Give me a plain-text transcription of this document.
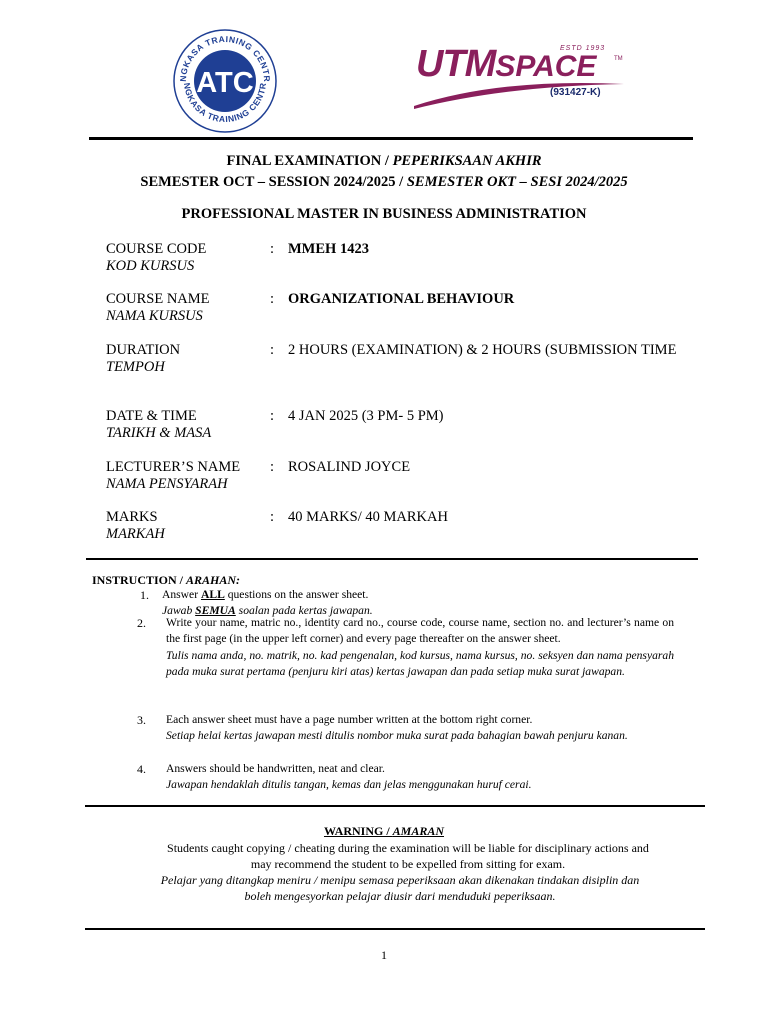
NGKASA TRAINING CENTR
NGKASA TRAINING CENTR
ATC	UTMSPACE
ESTD 1993
TM
(931427-K)
FINAL EXAMINATION / PEPERIKSAAN AKHIR
SEMESTER OCT – SESSION 2024/2025 / SEMESTER OKT – SESI 2024/2025
PROFESSIONAL MASTER IN BUSINESS ADMINISTRATION
COURSE CODE
KOD KURSUS
: MMEH 1423
COURSE NAME
NAMA KURSUS
: ORGANIZATIONAL BEHAVIOUR
DURATION
TEMPOH
: 2 HOURS (EXAMINATION) & 2 HOURS (SUBMISSION TIME
DATE & TIME
TARIKH & MASA
: 4 JAN 2025 (3 PM- 5 PM)
LECTURER’S NAME
NAMA PENSYARAH
: ROSALIND JOYCE
MARKS
MARKAH
: 40 MARKS/ 40 MARKAH
INSTRUCTION / ARAHAN:
1. Answer ALL questions on the answer sheet.
Jawab SEMUA soalan pada kertas jawapan.
2. Write your name, matric no., identity card no., course code, course name, section no. and lecturer’s name on the first page (in the upper left corner) and every page thereafter on the answer sheet.
Tulis nama anda, no. matrik, no. kad pengenalan, kod kursus, nama kursus, no. seksyen dan nama pensyarah pada muka surat pertama (penjuru kiri atas) kertas jawapan dan pada setiap muka surat jawapan.
3. Each answer sheet must have a page number written at the bottom right corner.
Setiap helai kertas jawapan mesti ditulis nombor muka surat pada bahagian bawah penjuru kanan.
4. Answers should be handwritten, neat and clear.
Jawapan hendaklah ditulis tangan, kemas dan jelas menggunakan huruf cerai.
WARNING / AMARAN
Students caught copying / cheating during the examination will be liable for disciplinary actions and
may recommend the student to be expelled from sitting for exam.
Pelajar yang ditangkap meniru / menipu semasa peperiksaan akan dikenakan tindakan disiplin dan
boleh mengesyorkan pelajar diusir dari menduduki peperiksaan.
1
